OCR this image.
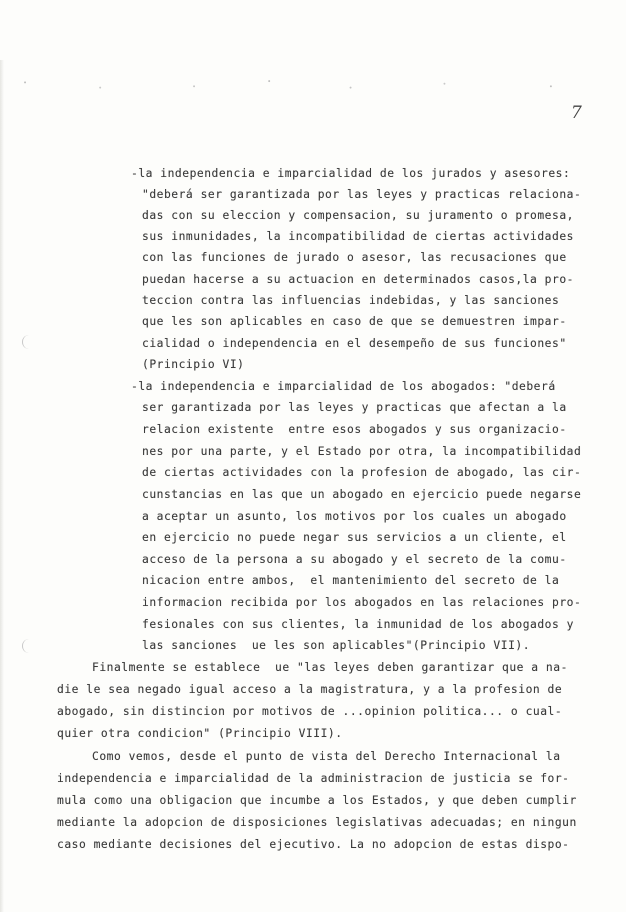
7
-la independencia e imparcialidad de los jurados y asesores:
"deberá ser garantizada por las leyes y practicas relaciona-
das con su eleccion y compensacion, su juramento o promesa,
sus inmunidades, la incompatibilidad de ciertas actividades
con las funciones de jurado o asesor, las recusaciones que
puedan hacerse a su actuacion en determinados casos,la pro-
teccion contra las influencias indebidas, y las sanciones
que les son aplicables en caso de que se demuestren impar-
cialidad o independencia en el desempeño de sus funciones"
(Principio VI)
-la independencia e imparcialidad de los abogados: "deberá
ser garantizada por las leyes y practicas que afectan a la
relacion existente  entre esos abogados y sus organizacio-
nes por una parte, y el Estado por otra, la incompatibilidad
de ciertas actividades con la profesion de abogado, las cir-
cunstancias en las que un abogado en ejercicio puede negarse
a aceptar un asunto, los motivos por los cuales un abogado
en ejercicio no puede negar sus servicios a un cliente, el
acceso de la persona a su abogado y el secreto de la comu-
nicacion entre ambos,  el mantenimiento del secreto de la
informacion recibida por los abogados en las relaciones pro-
fesionales con sus clientes, la inmunidad de los abogados y
las sanciones  ue les son aplicables"(Principio VII).
Finalmente se establece  ue "las leyes deben garantizar que a na-
die le sea negado igual acceso a la magistratura, y a la profesion de
abogado, sin distincion por motivos de ...opinion politica... o cual-
quier otra condicion" (Principio VIII).
Como vemos, desde el punto de vista del Derecho Internacional la
independencia e imparcialidad de la administracion de justicia se for-
mula como una obligacion que incumbe a los Estados, y que deben cumplir
mediante la adopcion de disposiciones legislativas adecuadas; en ningun
caso mediante decisiones del ejecutivo. La no adopcion de estas dispo-
